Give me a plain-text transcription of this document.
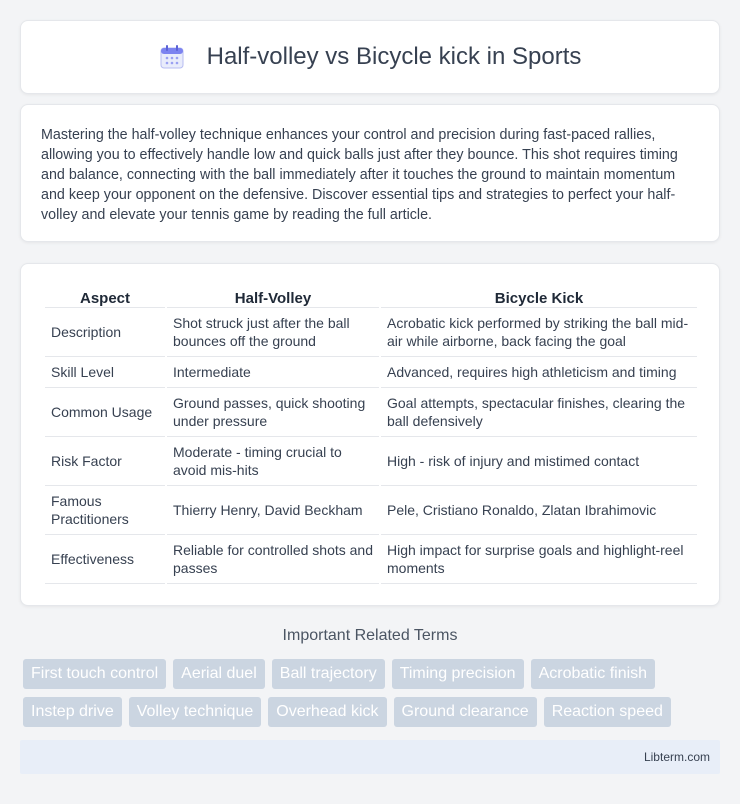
Half-volley vs Bicycle kick in Sports

Mastering the half-volley technique enhances your control and precision during fast-paced rallies, allowing you to effectively handle low and quick balls just after they bounce. This shot requires timing and balance, connecting with the ball immediately after it touches the ground to maintain momentum and keep your opponent on the defensive. Discover essential tips and strategies to perfect your half-volley and elevate your tennis game by reading the full article.

Aspect	Half-Volley	Bicycle Kick
Description	Shot struck just after the ball bounces off the ground	Acrobatic kick performed by striking the ball mid-air while airborne, back facing the goal
Skill Level	Intermediate	Advanced, requires high athleticism and timing
Common Usage	Ground passes, quick shooting under pressure	Goal attempts, spectacular finishes, clearing the ball defensively
Risk Factor	Moderate - timing crucial to avoid mis-hits	High - risk of injury and mistimed contact
Famous Practitioners	Thierry Henry, David Beckham	Pele, Cristiano Ronaldo, Zlatan Ibrahimovic
Effectiveness	Reliable for controlled shots and passes	High impact for surprise goals and highlight-reel moments
Important Related Terms
First touch control	Aerial duel	Ball trajectory	Timing precision	Acrobatic finish
Instep drive	Volley technique	Overhead kick	Ground clearance	Reaction speed
Libterm.com
